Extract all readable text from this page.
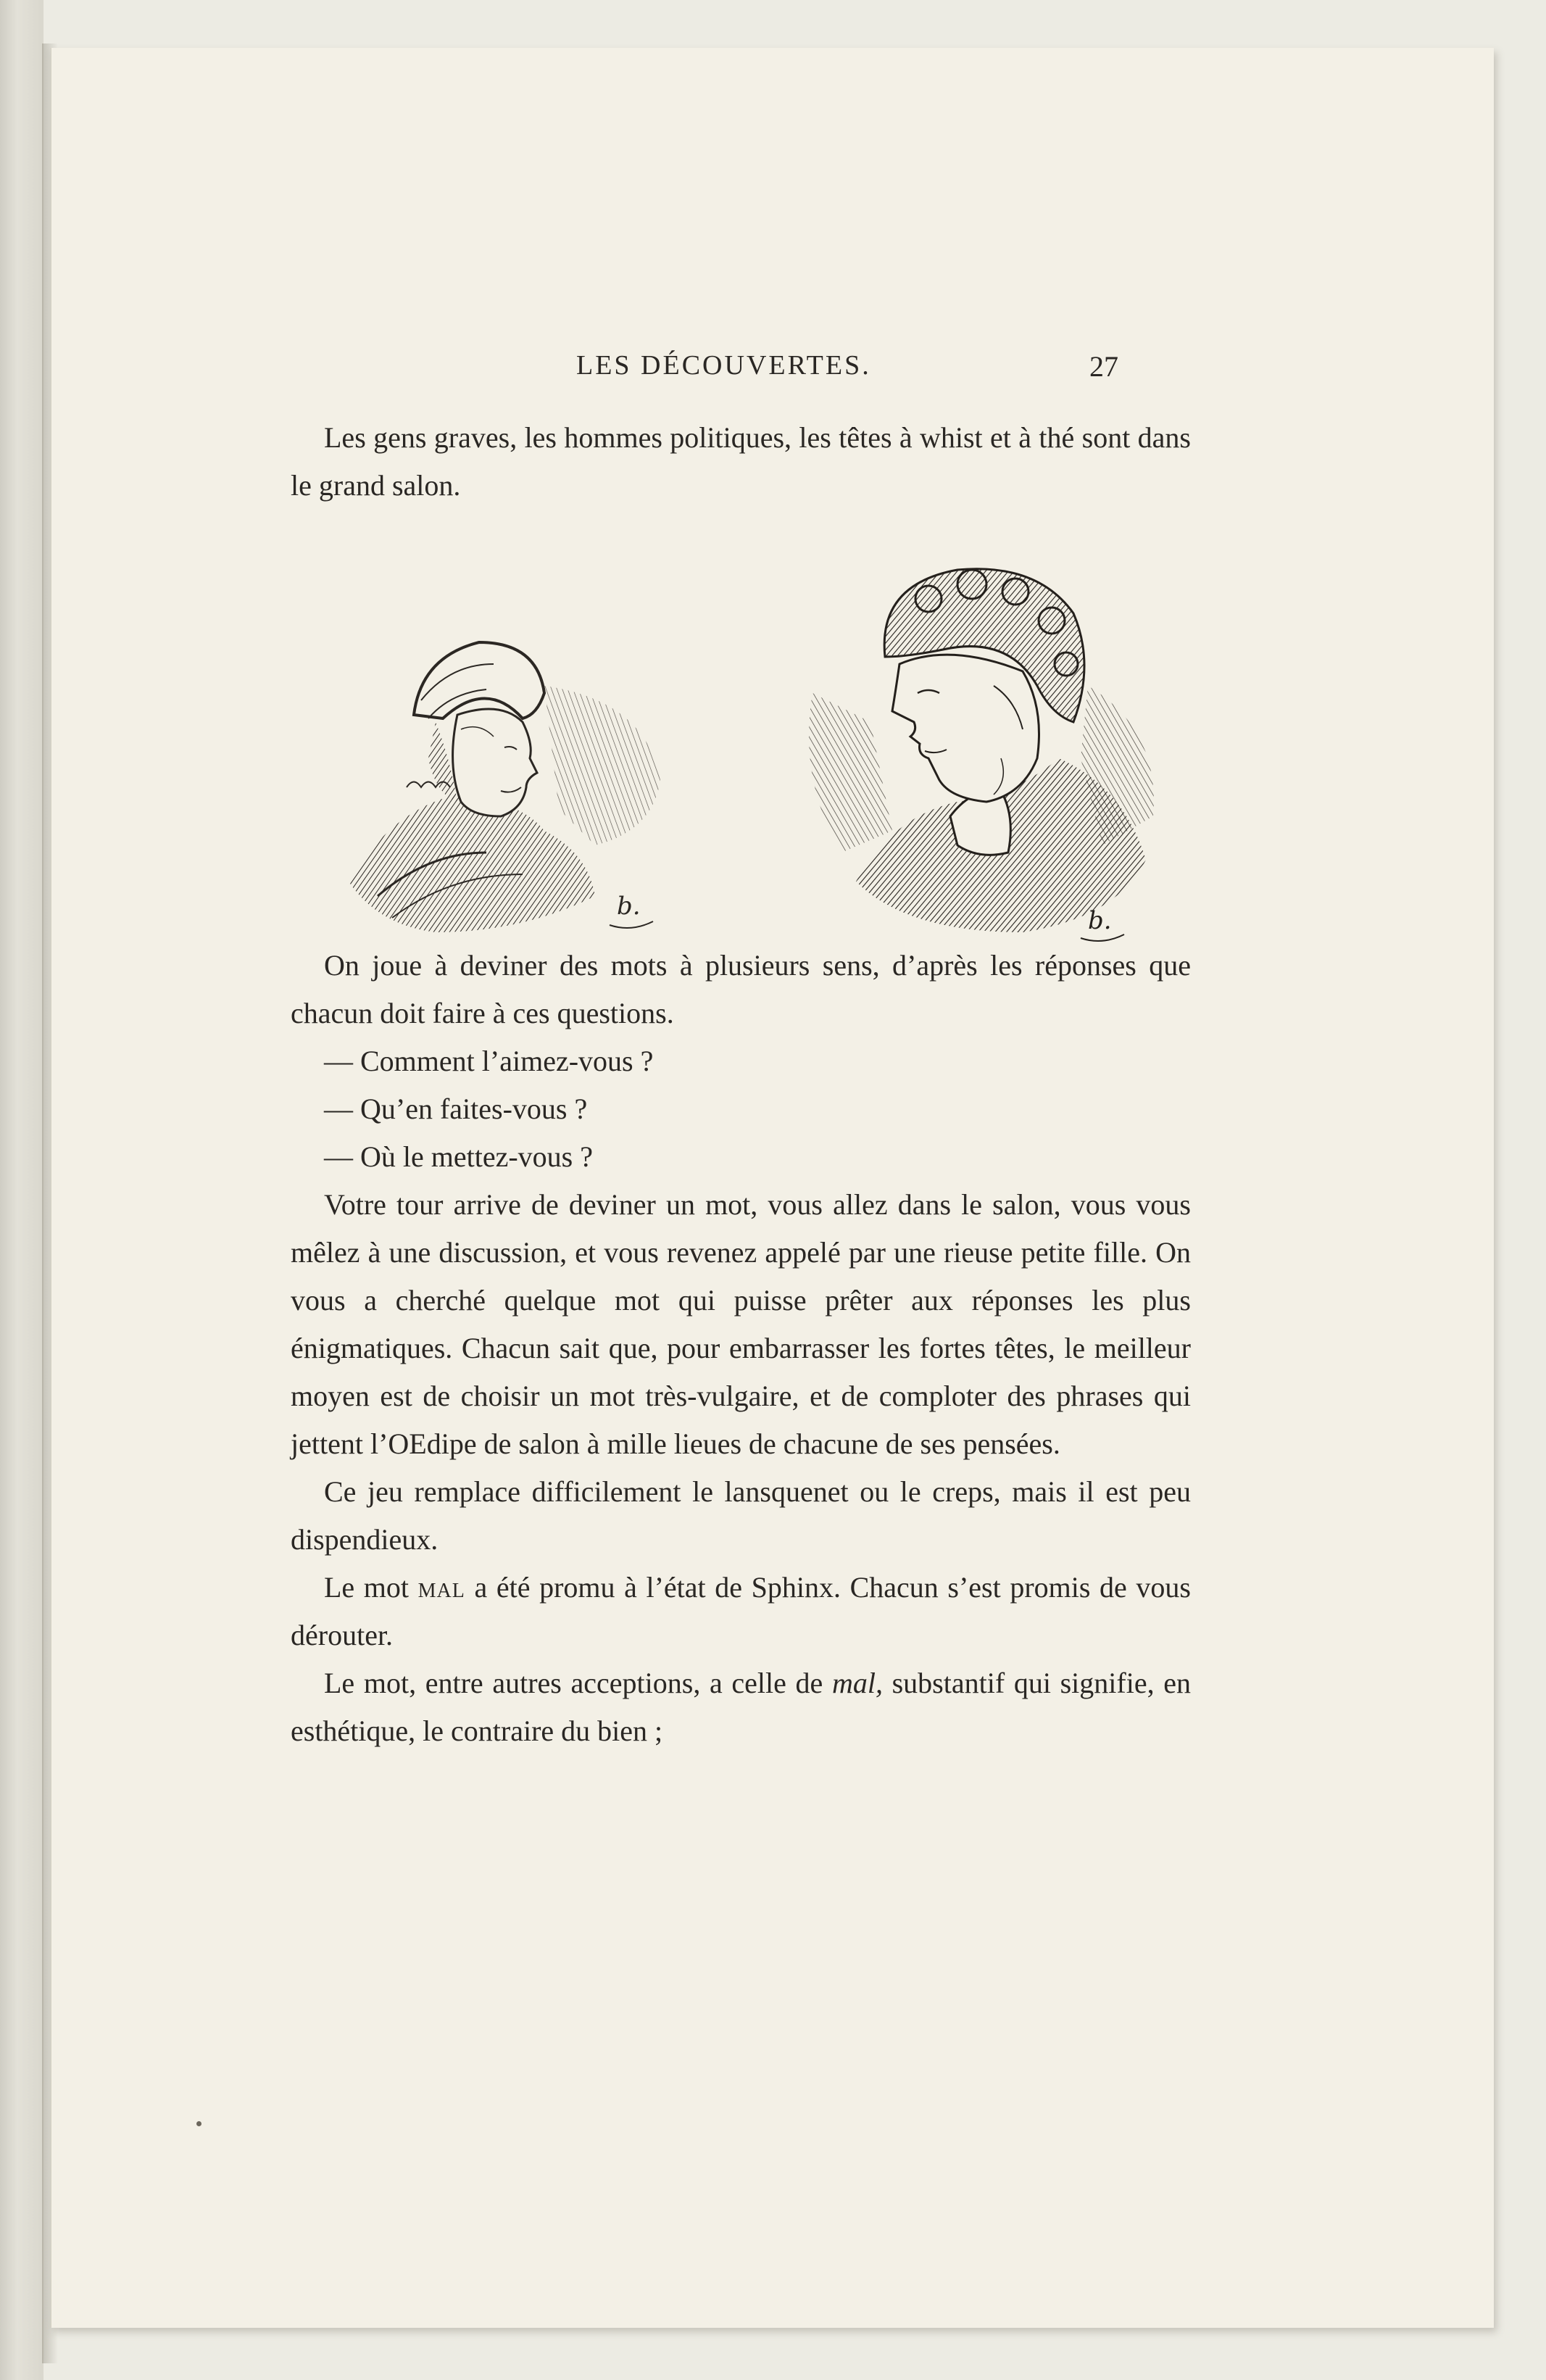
LES DÉCOUVERTES.	27

Les gens graves, les hommes politiques, les têtes à whist et à thé sont dans le grand salon.

b.	b.

On joue à deviner des mots à plusieurs sens, d’après les réponses que chacun doit faire à ces questions.

— Comment l’aimez-vous ?

— Qu’en faites-vous ?

— Où le mettez-vous ?

Votre tour arrive de deviner un mot, vous allez dans le salon, vous vous mêlez à une discussion, et vous revenez appelé par une rieuse petite fille. On vous a cherché quelque mot qui puisse prêter aux réponses les plus énigmatiques. Chacun sait que, pour embarrasser les fortes têtes, le meilleur moyen est de choisir un mot très-vulgaire, et de comploter des phrases qui jettent l’OEdipe de salon à mille lieues de chacune de ses pensées.

Ce jeu remplace difficilement le lansquenet ou le creps, mais il est peu dispendieux.

Le mot mal a été promu à l’état de Sphinx. Chacun s’est promis de vous dérouter.

Le mot, entre autres acceptions, a celle de mal, substantif qui signifie, en esthétique, le contraire du bien ;
